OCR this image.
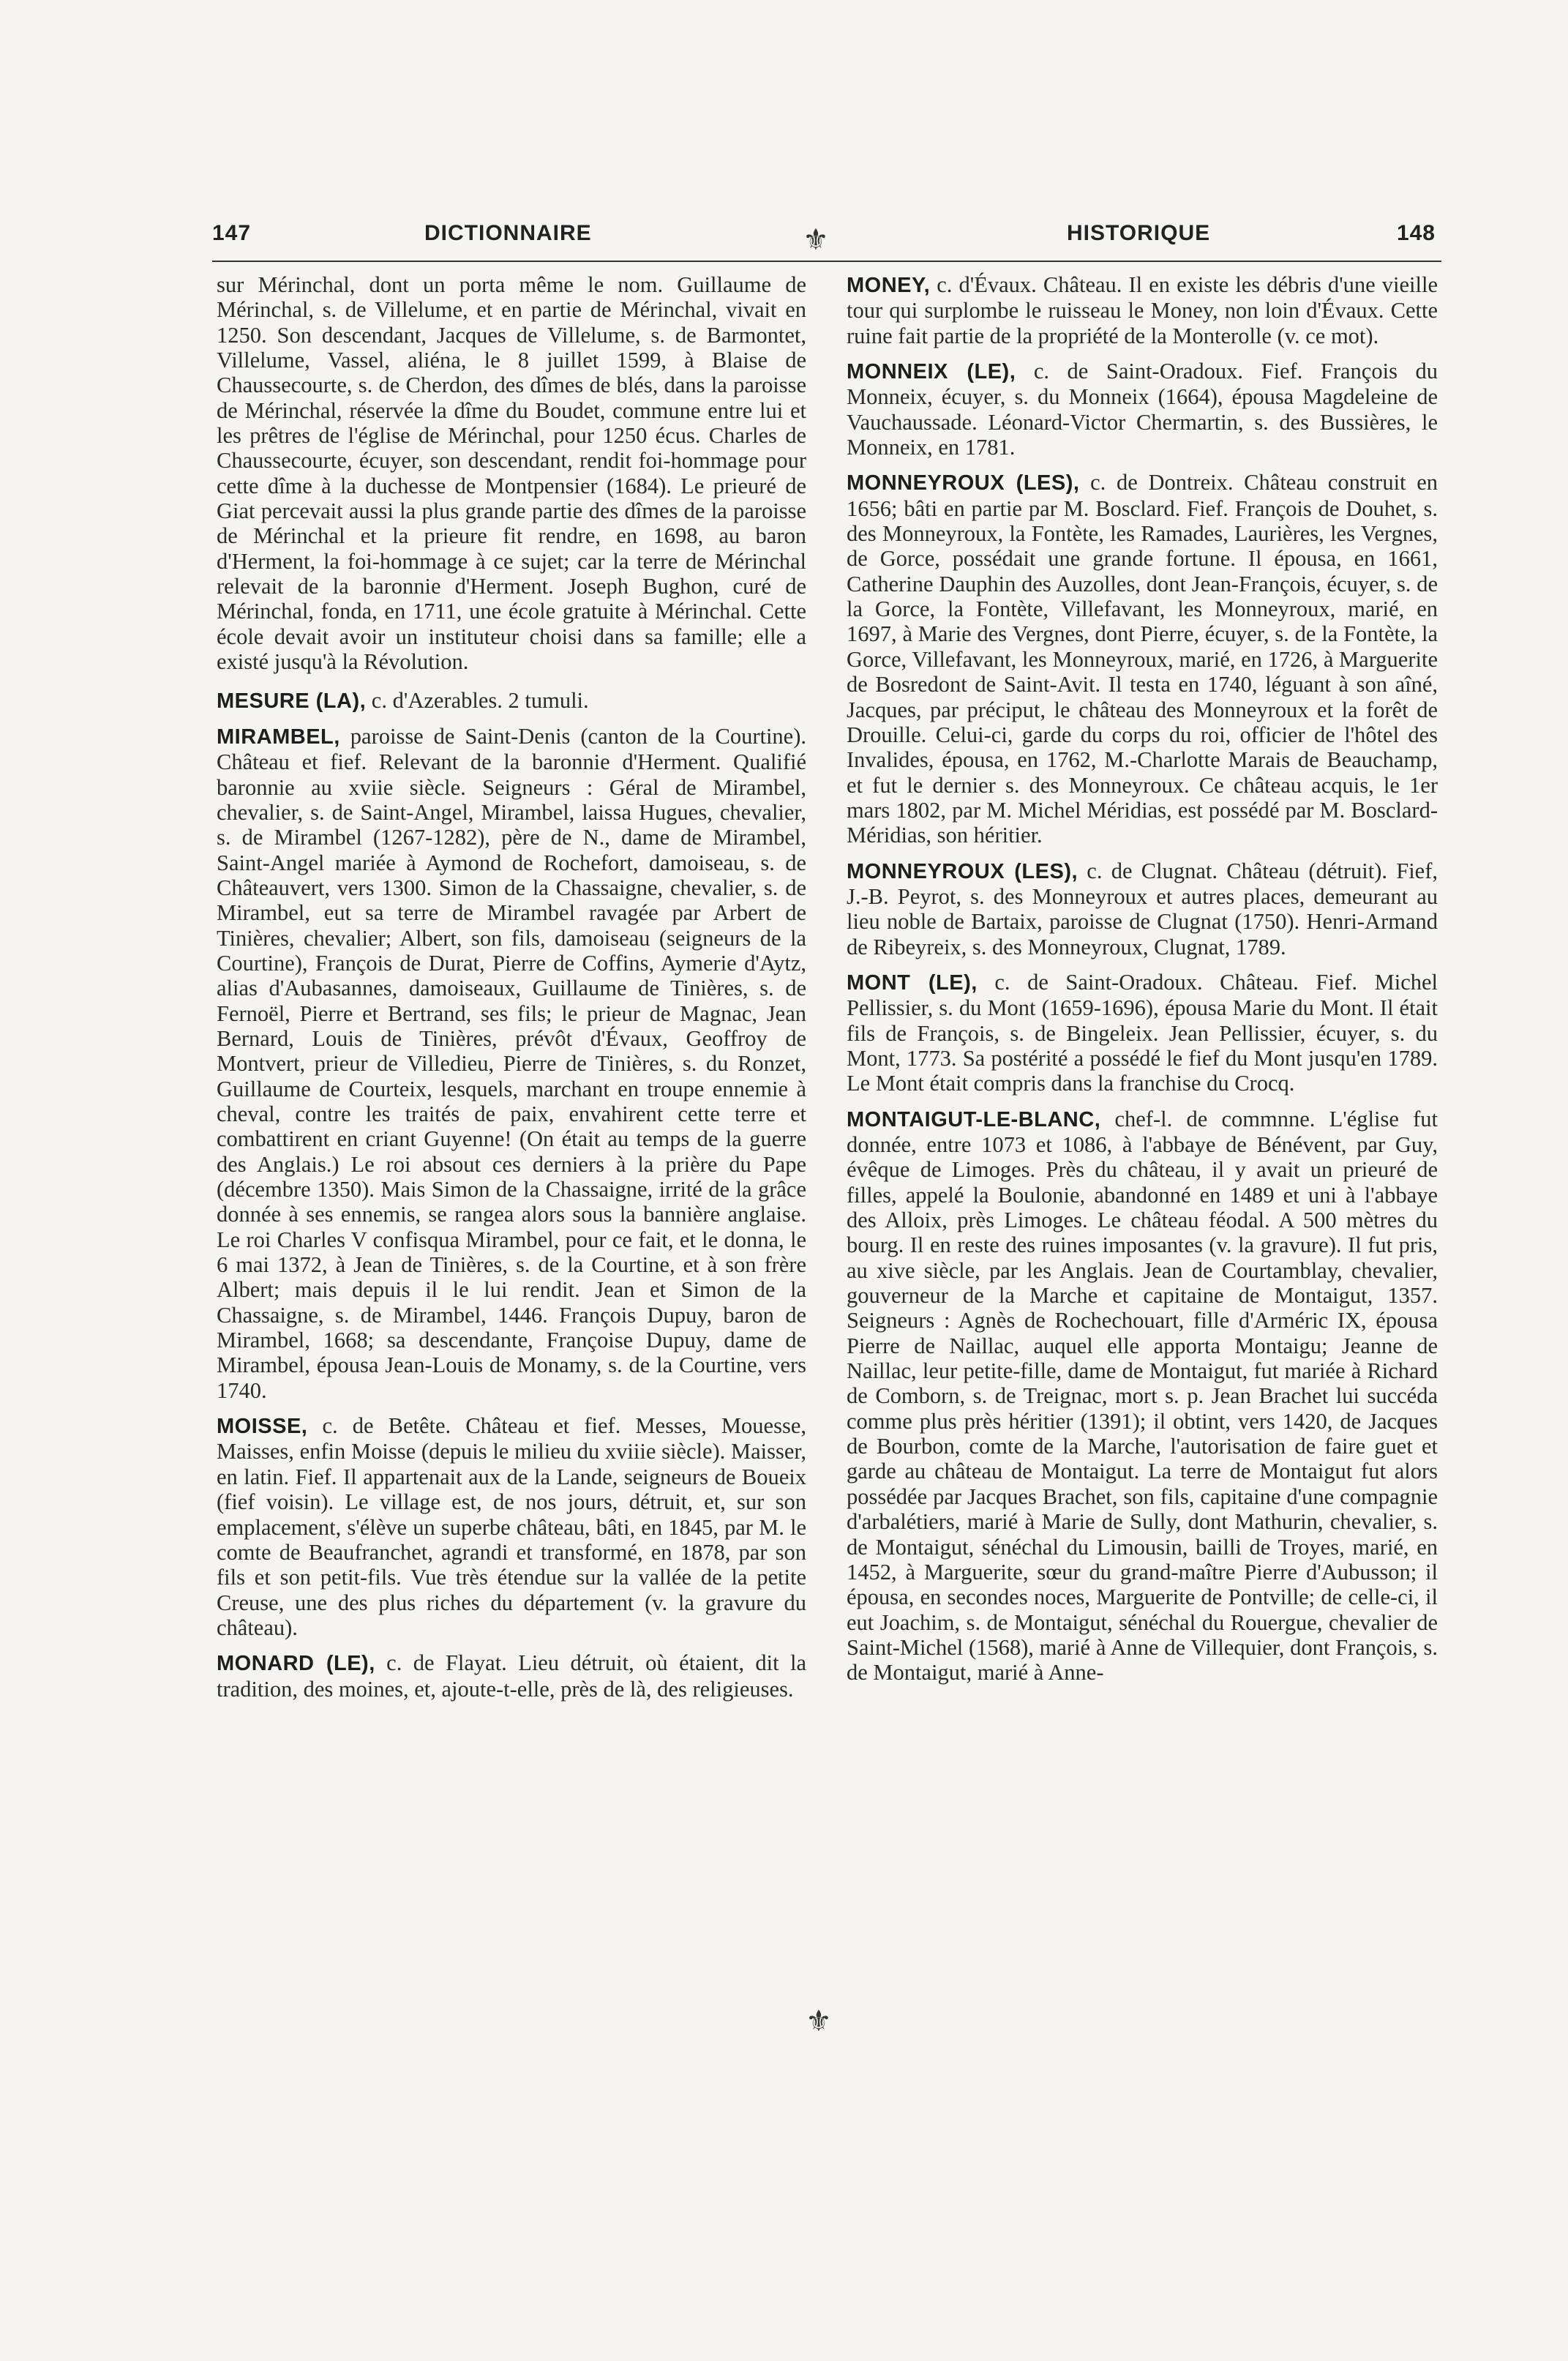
147	DICTIONNAIRE	HISTORIQUE	148
⚜

sur Mérinchal, dont un porta même le nom. Guillaume de Mérinchal, s. de Villelume, et en partie de Mérinchal, vivait en 1250. Son descendant, Jacques de Villelume, s. de Barmontet, Villelume, Vassel, aliéna, le 8 juillet 1599, à Blaise de Chaussecourte, s. de Cherdon, des dîmes de blés, dans la paroisse de Mérinchal, réservée la dîme du Boudet, commune entre lui et les prêtres de l'église de Mérinchal, pour 1250 écus. Charles de Chaussecourte, écuyer, son descendant, rendit foi-hommage pour cette dîme à la duchesse de Montpensier (1684). Le prieuré de Giat percevait aussi la plus grande partie des dîmes de la paroisse de Mérinchal et la prieure fit rendre, en 1698, au baron d'Herment, la foi-hommage à ce sujet; car la terre de Mérinchal relevait de la baronnie d'Herment. Joseph Bughon, curé de Mérinchal, fonda, en 1711, une école gratuite à Mérinchal. Cette école devait avoir un instituteur choisi dans sa famille; elle a existé jusqu'à la Révolution.

MESURE (LA), c. d'Azerables. 2 tumuli.

MIRAMBEL, paroisse de Saint-Denis (canton de la Courtine). Château et fief. Relevant de la baronnie d'Herment. Qualifié baronnie au xviie siècle. Seigneurs : Géral de Mirambel, chevalier, s. de Saint-Angel, Mirambel, laissa Hugues, chevalier, s. de Mirambel (1267-1282), père de N., dame de Mirambel, Saint-Angel mariée à Aymond de Rochefort, damoiseau, s. de Châteauvert, vers 1300. Simon de la Chassaigne, chevalier, s. de Mirambel, eut sa terre de Mirambel ravagée par Arbert de Tinières, chevalier; Albert, son fils, damoiseau (seigneurs de la Courtine), François de Durat, Pierre de Coffins, Aymerie d'Aytz, alias d'Aubasannes, damoiseaux, Guillaume de Tinières, s. de Fernoël, Pierre et Bertrand, ses fils; le prieur de Magnac, Jean Bernard, Louis de Tinières, prévôt d'Évaux, Geoffroy de Montvert, prieur de Villedieu, Pierre de Tinières, s. du Ronzet, Guillaume de Courteix, lesquels, marchant en troupe ennemie à cheval, contre les traités de paix, envahirent cette terre et combattirent en criant Guyenne! (On était au temps de la guerre des Anglais.) Le roi absout ces derniers à la prière du Pape (décembre 1350). Mais Simon de la Chassaigne, irrité de la grâce donnée à ses ennemis, se rangea alors sous la bannière anglaise. Le roi Charles V confisqua Mirambel, pour ce fait, et le donna, le 6 mai 1372, à Jean de Tinières, s. de la Courtine, et à son frère Albert; mais depuis il le lui rendit. Jean et Simon de la Chassaigne, s. de Mirambel, 1446. François Dupuy, baron de Mirambel, 1668; sa descendante, Françoise Dupuy, dame de Mirambel, épousa Jean-Louis de Monamy, s. de la Courtine, vers 1740.

MOISSE, c. de Betête. Château et fief. Messes, Mouesse, Maisses, enfin Moisse (depuis le milieu du xviiie siècle). Maisser, en latin. Fief. Il appartenait aux de la Lande, seigneurs de Boueix (fief voisin). Le village est, de nos jours, détruit, et, sur son emplacement, s'élève un superbe château, bâti, en 1845, par M. le comte de Beaufranchet, agrandi et transformé, en 1878, par son fils et son petit-fils. Vue très étendue sur la vallée de la petite Creuse, une des plus riches du département (v. la gravure du château).

MONARD (LE), c. de Flayat. Lieu détruit, où étaient, dit la tradition, des moines, et, ajoute-t-elle, près de là, des religieuses.

MONEY, c. d'Évaux. Château. Il en existe les débris d'une vieille tour qui surplombe le ruisseau le Money, non loin d'Évaux. Cette ruine fait partie de la propriété de la Monterolle (v. ce mot).

MONNEIX (LE), c. de Saint-Oradoux. Fief. François du Monneix, écuyer, s. du Monneix (1664), épousa Magdeleine de Vauchaussade. Léonard-Victor Chermartin, s. des Bussières, le Monneix, en 1781.

MONNEYROUX (LES), c. de Dontreix. Château construit en 1656; bâti en partie par M. Bosclard. Fief. François de Douhet, s. des Monneyroux, la Fontète, les Ramades, Laurières, les Vergnes, de Gorce, possédait une grande fortune. Il épousa, en 1661, Catherine Dauphin des Auzolles, dont Jean-François, écuyer, s. de la Gorce, la Fontète, Villefavant, les Monneyroux, marié, en 1697, à Marie des Vergnes, dont Pierre, écuyer, s. de la Fontète, la Gorce, Villefavant, les Monneyroux, marié, en 1726, à Marguerite de Bosredont de Saint-Avit. Il testa en 1740, léguant à son aîné, Jacques, par préciput, le château des Monneyroux et la forêt de Drouille. Celui-ci, garde du corps du roi, officier de l'hôtel des Invalides, épousa, en 1762, M.-Charlotte Marais de Beauchamp, et fut le dernier s. des Monneyroux. Ce château acquis, le 1er mars 1802, par M. Michel Méridias, est possédé par M. Bosclard-Méridias, son héritier.

MONNEYROUX (LES), c. de Clugnat. Château (détruit). Fief, J.-B. Peyrot, s. des Monneyroux et autres places, demeurant au lieu noble de Bartaix, paroisse de Clugnat (1750). Henri-Armand de Ribeyreix, s. des Monneyroux, Clugnat, 1789.

MONT (LE), c. de Saint-Oradoux. Château. Fief. Michel Pellissier, s. du Mont (1659-1696), épousa Marie du Mont. Il était fils de François, s. de Bingeleix. Jean Pellissier, écuyer, s. du Mont, 1773. Sa postérité a possédé le fief du Mont jusqu'en 1789. Le Mont était compris dans la franchise du Crocq.

MONTAIGUT-LE-BLANC, chef-l. de commnne. L'église fut donnée, entre 1073 et 1086, à l'abbaye de Bénévent, par Guy, évêque de Limoges. Près du château, il y avait un prieuré de filles, appelé la Boulonie, abandonné en 1489 et uni à l'abbaye des Alloix, près Limoges. Le château féodal. A 500 mètres du bourg. Il en reste des ruines imposantes (v. la gravure). Il fut pris, au xive siècle, par les Anglais. Jean de Courtamblay, chevalier, gouverneur de la Marche et capitaine de Montaigut, 1357. Seigneurs : Agnès de Rochechouart, fille d'Arméric IX, épousa Pierre de Naillac, auquel elle apporta Montaigu; Jeanne de Naillac, leur petite-fille, dame de Montaigut, fut mariée à Richard de Comborn, s. de Treignac, mort s. p. Jean Brachet lui succéda comme plus près héritier (1391); il obtint, vers 1420, de Jacques de Bourbon, comte de la Marche, l'autorisation de faire guet et garde au château de Montaigut. La terre de Montaigut fut alors possédée par Jacques Brachet, son fils, capitaine d'une compagnie d'arbalétiers, marié à Marie de Sully, dont Mathurin, chevalier, s. de Montaigut, sénéchal du Limousin, bailli de Troyes, marié, en 1452, à Marguerite, sœur du grand-maître Pierre d'Aubusson; il épousa, en secondes noces, Marguerite de Pontville; de celle-ci, il eut Joachim, s. de Montaigut, sénéchal du Rouergue, chevalier de Saint-Michel (1568), marié à Anne de Villequier, dont François, s. de Montaigut, marié à Anne-

⚜
